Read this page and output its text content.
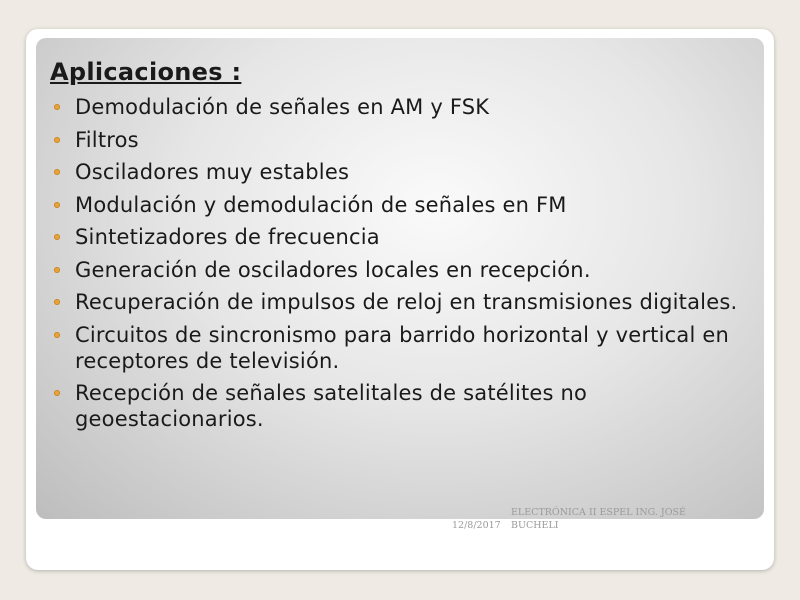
Aplicaciones :
Demodulación de señales en AM y FSK
Filtros
Osciladores muy estables
Modulación y demodulación de señales en FM
Sintetizadores de frecuencia
Generación de osciladores locales en recepción.
Recuperación de impulsos de reloj en transmisiones digitales.
Circuitos de sincronismo para barrido horizontal y vertical en receptores de televisión.
Recepción de señales satelitales de satélites no geoestacionarios.
12/8/2017
ELECTRÓNICA II ESPEL ING. JOSÉ BUCHELI
